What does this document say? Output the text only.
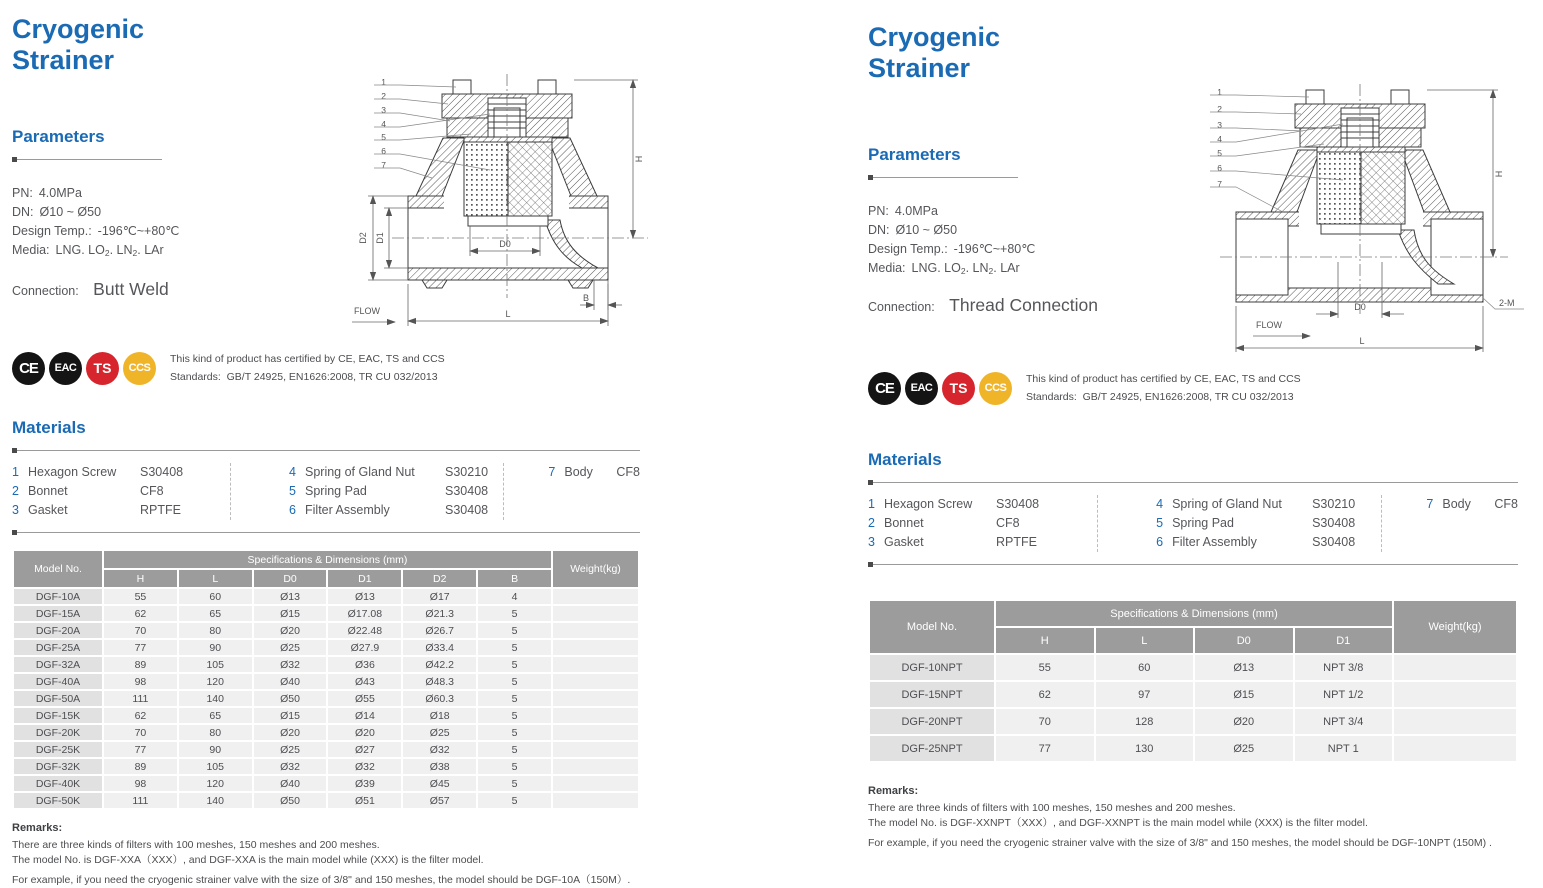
Cryogenic
Strainer
Parameters
PN: 4.0MPa
DN: Ø10 ~ Ø50
Design Temp.: -196℃~+80℃
Media: LNG. LO2. LN2. LAr
Connection: Butt Weld
CE	EAC	TS	CCS
This kind of product has certified by CE, EAC, TS and CCS
Standards: GB/T 24925, EN1626:2008, TR CU 032/2013
Materials
1 Hexagon Screw	S30408
2 Bonnet	CF8
3 Gasket	RPTFE
4 Spring of Gland Nut	S30210
5 Spring Pad	S30408
6 Filter Assembly	S30408
7 Body	CF8
Model No.	Specifications & Dimensions (mm)						Weight(kg)
	H	L	D0	D1	D2	B	
DGF-10A	55	60	Ø13	Ø13	Ø17	4	
DGF-15A	62	65	Ø15	Ø17.08	Ø21.3	5	
DGF-20A	70	80	Ø20	Ø22.48	Ø26.7	5	
DGF-25A	77	90	Ø25	Ø27.9	Ø33.4	5	
DGF-32A	89	105	Ø32	Ø36	Ø42.2	5	
DGF-40A	98	120	Ø40	Ø43	Ø48.3	5	
DGF-50A	111	140	Ø50	Ø55	Ø60.3	5	
DGF-15K	62	65	Ø15	Ø14	Ø18	5	
DGF-20K	70	80	Ø20	Ø20	Ø25	5	
DGF-25K	77	90	Ø25	Ø27	Ø32	5	
DGF-32K	89	105	Ø32	Ø32	Ø38	5	
DGF-40K	98	120	Ø40	Ø39	Ø45	5	
DGF-50K	111	140	Ø50	Ø51	Ø57	5	
Remarks:
There are three kinds of filters with 100 meshes, 150 meshes and 200 meshes.
The model No. is DGF-XXA（XXX）, and DGF-XXA is the main model while (XXX) is the filter model.
For example, if you need the cryogenic strainer valve with the size of 3/8" and 150 meshes, the model should be DGF-10A（150M）.
1
2
3
4
5
6
7
H
D2 D1
D0
B
L
FLOW
Cryogenic
Strainer
Parameters
PN: 4.0MPa
DN: Ø10 ~ Ø50
Design Temp.: -196℃~+80℃
Media: LNG. LO2. LN2. LAr
Connection: Thread Connection
CE	EAC	TS	CCS
This kind of product has certified by CE, EAC, TS and CCS
Standards: GB/T 24925, EN1626:2008, TR CU 032/2013
Materials
1 Hexagon Screw	S30408
2 Bonnet	CF8
3 Gasket	RPTFE
4 Spring of Gland Nut	S30210
5 Spring Pad	S30408
6 Filter Assembly	S30408
7 Body	CF8
Model No.	Specifications & Dimensions (mm)				Weight(kg)
	H	L	D0	D1	
DGF-10NPT	55	60	Ø13	NPT 3/8	
DGF-15NPT	62	97	Ø15	NPT 1/2	
DGF-20NPT	70	128	Ø20	NPT 3/4	
DGF-25NPT	77	130	Ø25	NPT 1	
Remarks:
There are three kinds of filters with 100 meshes, 150 meshes and 200 meshes.
The model No. is DGF-XXNPT（XXX）, and DGF-XXNPT is the main model while (XXX) is the filter model.
For example, if you need the cryogenic strainer valve with the size of 3/8" and 150 meshes, the model should be DGF-10NPT (150M) .
1
2
3
4
5
6
7
H
2-M
D0
L
FLOW
